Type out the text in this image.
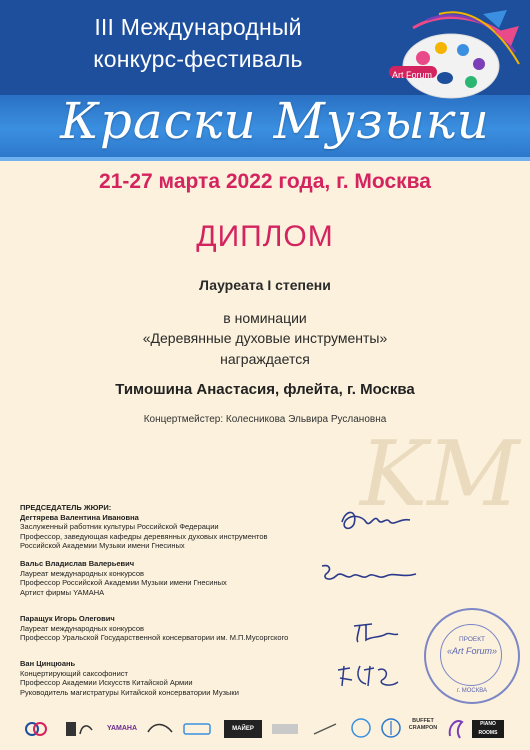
III Международный
конкурс-фестиваль
Art Forum
Краски Музыки
21-27 марта 2022 года, г. Москва
KM
ДИПЛОМ
Лауреата I степени
в номинации
«Деревянные духовые инструменты»
награждается
Тимошина Анастасия, флейта, г. Москва
Концертмейстер: Колесникова Эльвира Руслановна
ПРЕДСЕДАТЕЛЬ ЖЮРИ:
Дегтярева Валентина Ивановна
Заслуженный работник культуры Российской Федерации
Профессор, заведующая кафедры деревянных духовых инструментов
Российской Академии Музыки имени Гнесиных
Вальс Владислав Валерьевич
Лауреат международных конкурсов
Профессор Российской Академии Музыки имени Гнесиных
Артист фирмы YAMAHA
Паращук Игорь Олегович
Лауреат международных конкурсов
Профессор Уральской Государственной консерватории им. М.П.Мусоргского
Ван Цинцюань
Концертирующий саксофонист
Профессор Академии Искусств Китайской Армии
Руководитель магистратуры Китайской консерватории Музыки
ПРОЕКТ
«Art Forum»
г. МОСКВА
YAMAHA	МАЙЕР
BUFFET CRAMPON
PIANO ROOMS
